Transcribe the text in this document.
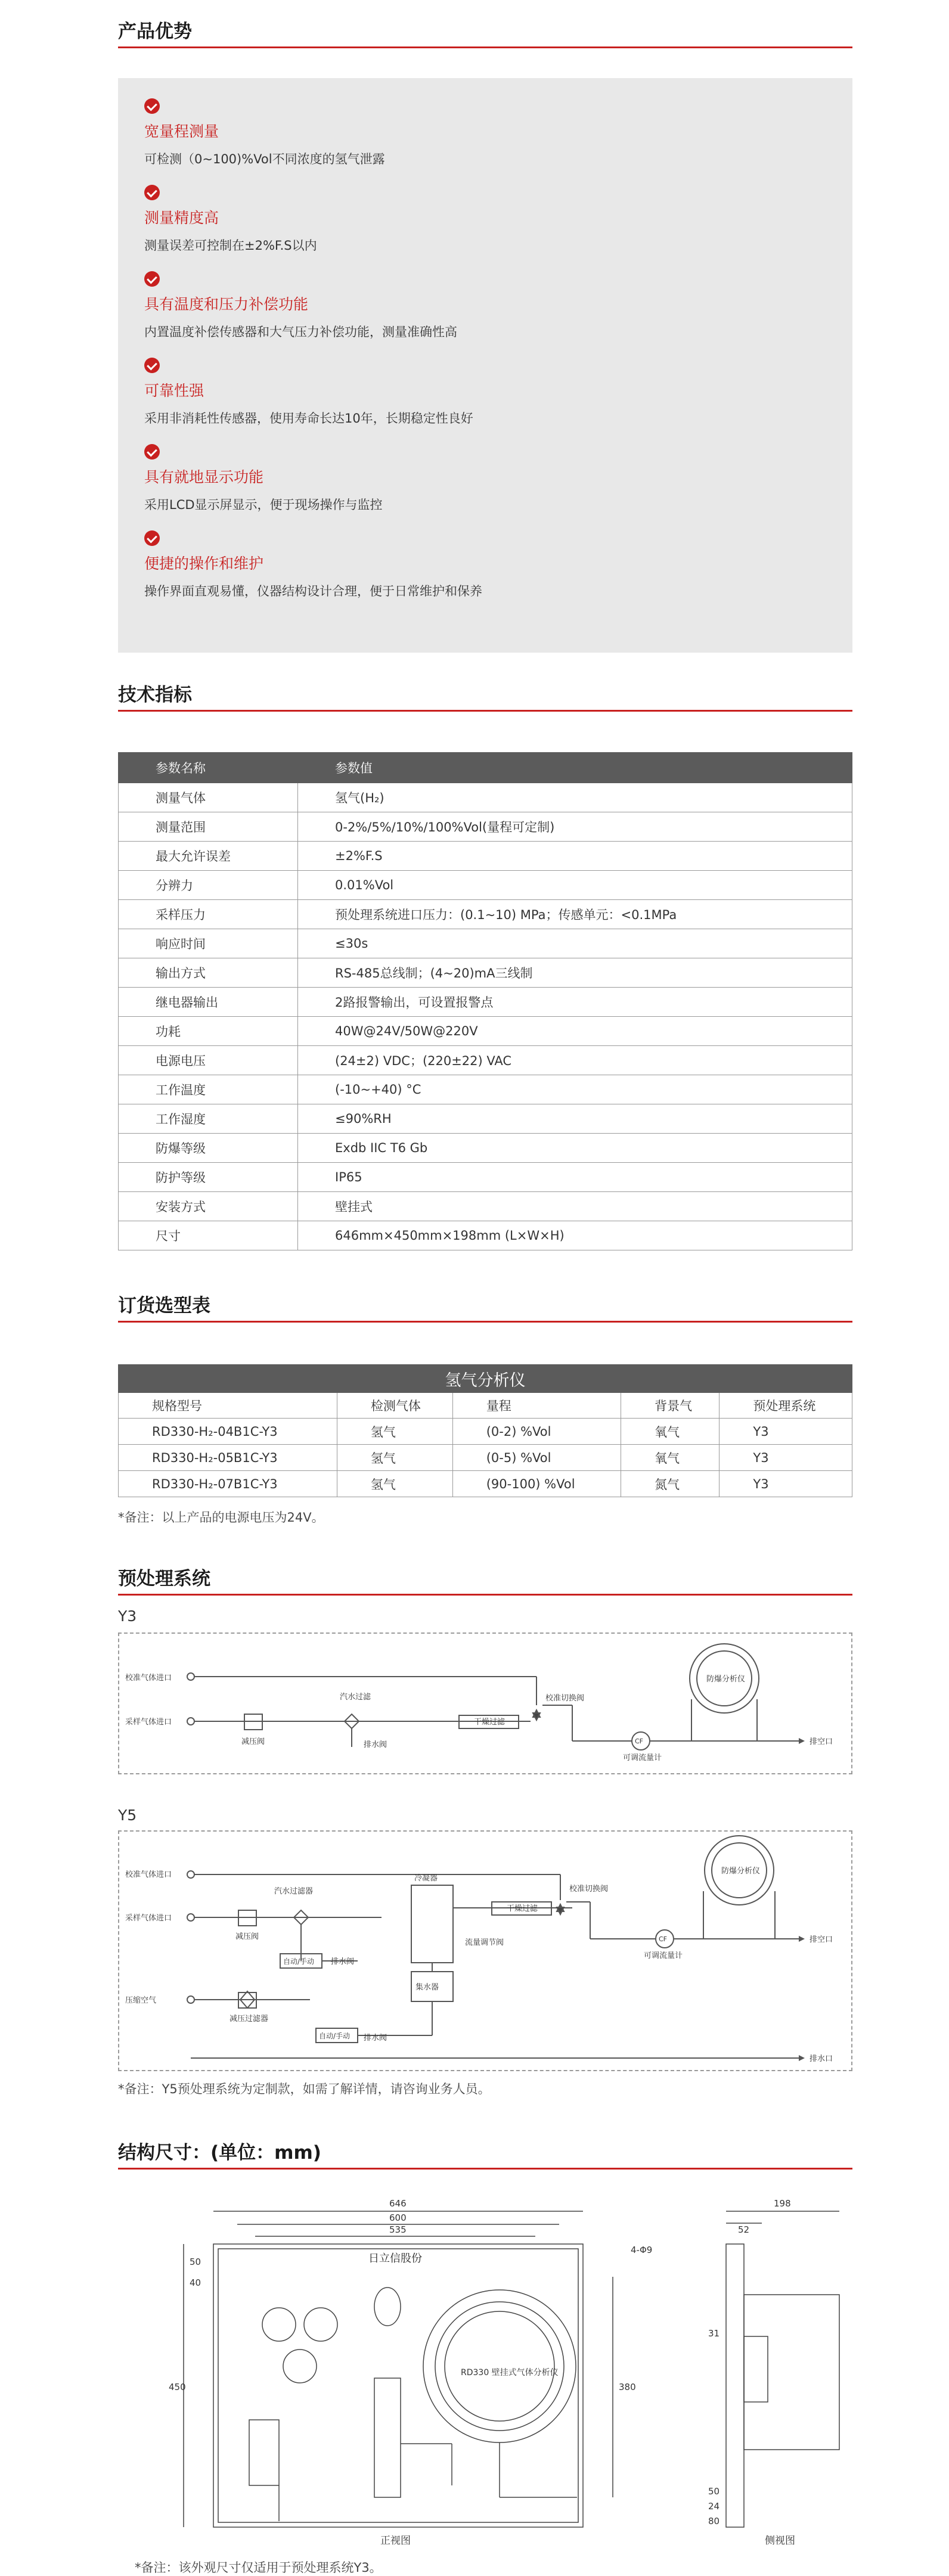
产品优势
宽量程测量
可检测（0~100)%Vol不同浓度的氢气泄露
测量精度高
测量误差可控制在±2%F.S以内
具有温度和压力补偿功能
内置温度补偿传感器和大气压力补偿功能，测量准确性高
可靠性强
采用非消耗性传感器，使用寿命长达10年，长期稳定性良好
具有就地显示功能
采用LCD显示屏显示，便于现场操作与监控
便捷的操作和维护
操作界面直观易懂，仪器结构设计合理，便于日常维护和保养
技术指标
参数名称	参数值
测量气体	氢气(H₂)
测量范围	0-2%/5%/10%/100%Vol(量程可定制)
最大允许误差	±2%F.S
分辨力	0.01%Vol
采样压力	预处理系统进口压力：(0.1~10) MPa；传感单元：<0.1MPa
响应时间	≤30s
输出方式	RS-485总线制；(4~20)mA三线制
继电器输出	2路报警输出，可设置报警点
功耗	40W@24V/50W@220V
电源电压	(24±2) VDC；(220±22) VAC
工作温度	(-10~+40) °C
工作湿度	≤90%RH
防爆等级	Exdb IIC T6 Gb
防护等级	IP65
安装方式	壁挂式
尺寸	646mm×450mm×198mm (L×W×H)
订货选型表
氢气分析仪				
规格型号	检测气体	量程	背景气	预处理系统
RD330-H₂-04B1C-Y3	氢气	(0-2) %Vol	氧气	Y3
RD330-H₂-05B1C-Y3	氢气	(0-5) %Vol	氧气	Y3
RD330-H₂-07B1C-Y3	氢气	(90-100) %Vol	氮气	Y3
*备注：以上产品的电源电压为24V。
预处理系统
Y3
校准气体进口
采样气体进口
减压阀
汽水过滤
排水阀
干燥过滤
校准切换阀
防爆分析仪
CF
可调流量计
排空口
Y5
校准气体进口
采样气体进口
减压阀
汽水过滤器
冷凝器
干燥过滤
流量调节阀
校准切换阀
防爆分析仪
CF
可调流量计
排空口
自动/手动 排水阀
集水器
自动/手动 排水阀
压缩空气
减压过滤器
排水口
*备注：Y5预处理系统为定制款，如需了解详情，请咨询业务人员。
结构尺寸：(单位：mm)
646
600
535
450	380
198
52
4-Φ9
50
40
31
50
24
80
日立信股份
RD330 壁挂式气体分析仪
正视图	侧视图
*备注：该外观尺寸仅适用于预处理系统Y3。
